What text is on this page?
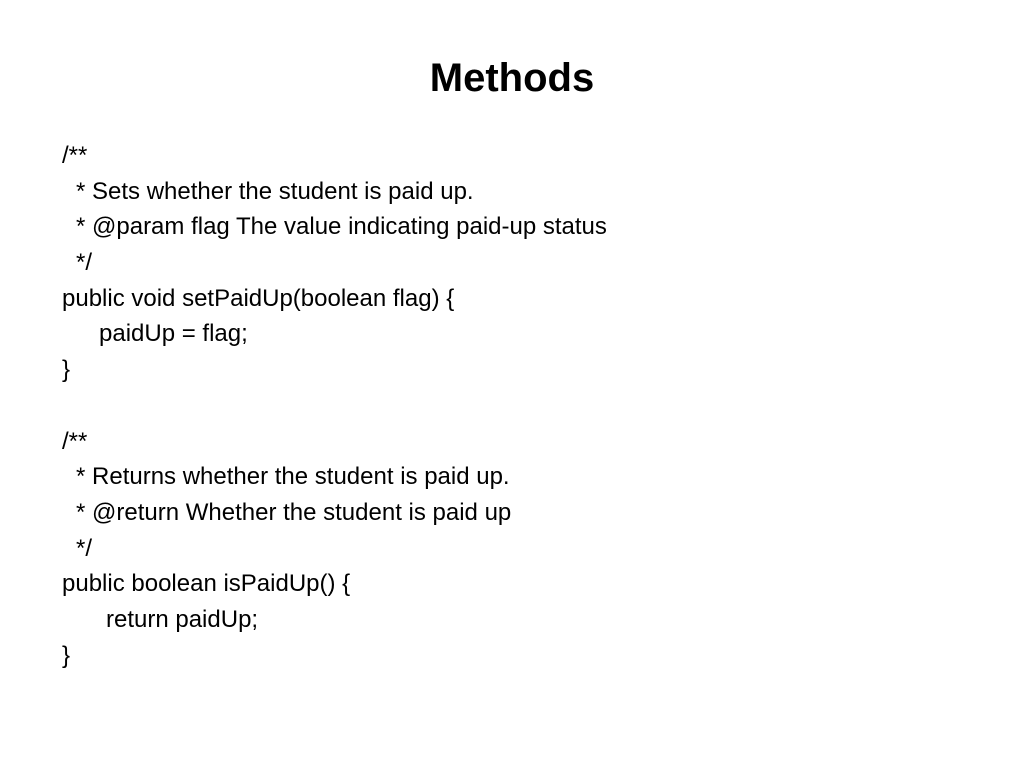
Methods
/**
* Sets whether the student is paid up.
* @param flag The value indicating paid-up status
*/
public void setPaidUp(boolean flag) {
paidUp = flag;
}
/**
* Returns whether the student is paid up.
* @return Whether the student is paid up
*/
public boolean isPaidUp() {
return paidUp;
}
